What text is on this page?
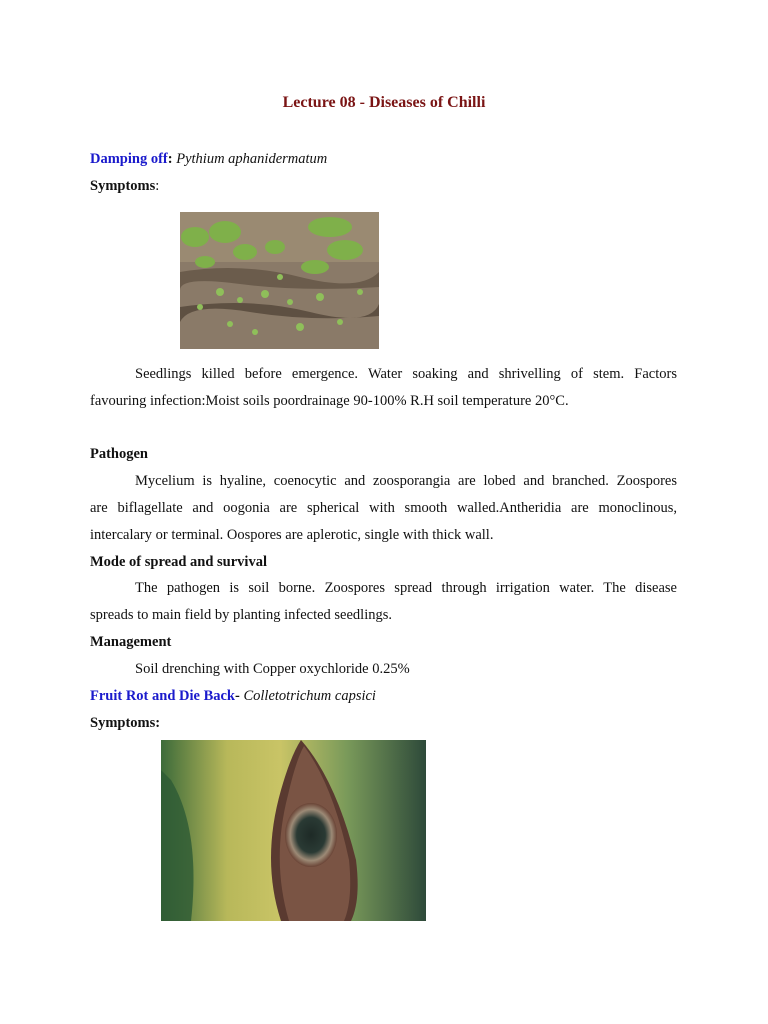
Lecture 08 - Diseases of Chilli
Damping off: Pythium aphanidermatum
Symptoms:
Seedlings killed before emergence. Water soaking and shrivelling of stem. Factors
favouring infection:Moist soils poordrainage 90-100% R.H soil temperature 20°C.
Pathogen
Mycelium is hyaline, coenocytic and zoosporangia are lobed and branched. Zoospores
are biflagellate and oogonia are spherical with smooth walled.Antheridia are monoclinous,
intercalary or terminal. Oospores are aplerotic, single with thick wall.
Mode of spread and survival
The pathogen is soil borne. Zoospores spread through irrigation water. The disease
spreads to main field by planting infected seedlings.
Management
Soil drenching with Copper oxychloride 0.25%
Fruit Rot and Die Back- Colletotrichum capsici
Symptoms:
